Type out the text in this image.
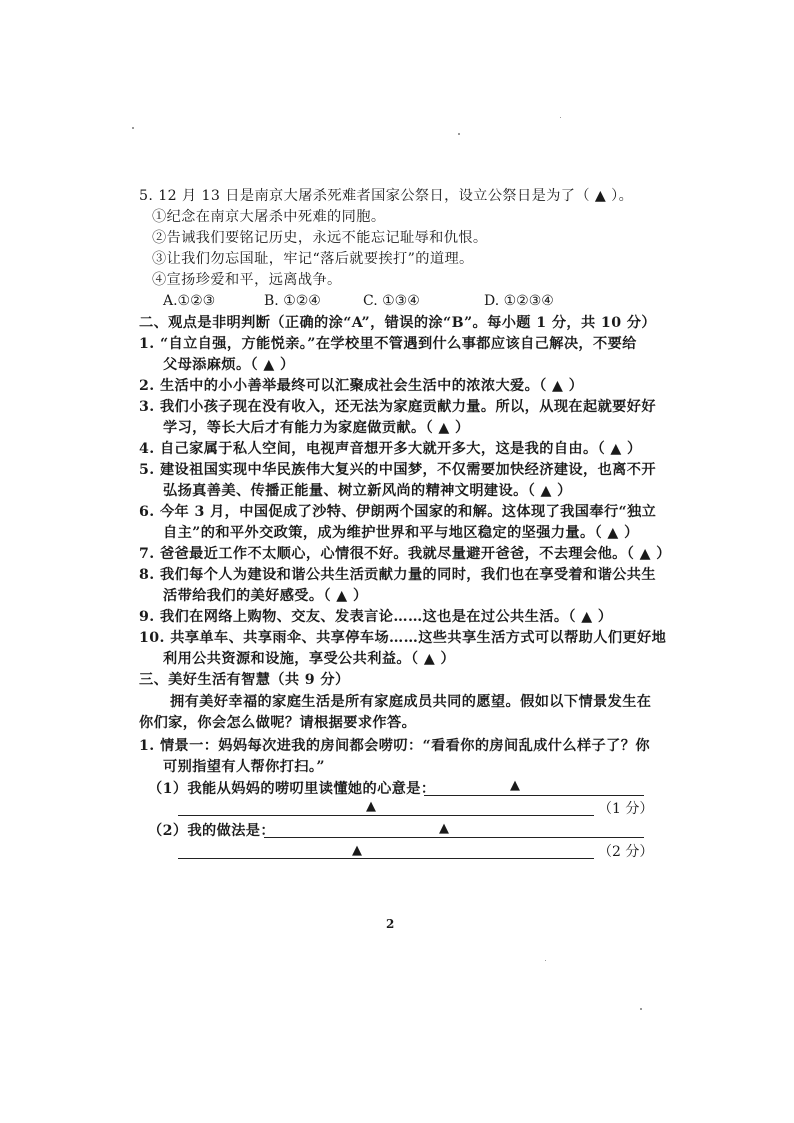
5. 12 月 13 日是南京大屠杀死难者国家公祭日，设立公祭日是为了（ ▲ ）。
①纪念在南京大屠杀中死难的同胞。
②告诫我们要铭记历史，永远不能忘记耻辱和仇恨。
③让我们勿忘国耻，牢记“落后就要挨打”的道理。
④宣扬珍爱和平，远离战争。
A.①②③	B. ①②④	C. ①③④	D. ①②③④
二、观点是非明判断（正确的涂“A”，错误的涂“B”。每小题 1 分，共 10 分）
1. “自立自强，方能悦亲。”在学校里不管遇到什么事都应该自己解决，不要给
父母添麻烦。（ ▲ ）
2. 生活中的小小善举最终可以汇聚成社会生活中的浓浓大爱。（ ▲ ）
3. 我们小孩子现在没有收入，还无法为家庭贡献力量。所以，从现在起就要好好
学习，等长大后才有能力为家庭做贡献。（ ▲ ）
4. 自己家属于私人空间，电视声音想开多大就开多大，这是我的自由。（ ▲ ）
5. 建设祖国实现中华民族伟大复兴的中国梦，不仅需要加快经济建设，也离不开
弘扬真善美、传播正能量、树立新风尚的精神文明建设。（ ▲ ）
6. 今年 3 月，中国促成了沙特、伊朗两个国家的和解。这体现了我国奉行“独立
自主”的和平外交政策，成为维护世界和平与地区稳定的坚强力量。（ ▲ ）
7. 爸爸最近工作不太顺心，心情很不好。我就尽量避开爸爸，不去理会他。（ ▲ ）
8. 我们每个人为建设和谐公共生活贡献力量的同时，我们也在享受着和谐公共生
活带给我们的美好感受。（ ▲ ）
9. 我们在网络上购物、交友、发表言论……这也是在过公共生活。（ ▲ ）
10. 共享单车、共享雨伞、共享停车场……这些共享生活方式可以帮助人们更好地
利用公共资源和设施，享受公共利益。（ ▲ ）
三、美好生活有智慧（共 9 分）
拥有美好幸福的家庭生活是所有家庭成员共同的愿望。假如以下情景发生在
你们家，你会怎么做呢？请根据要求作答。
1. 情景一：妈妈每次进我的房间都会唠叨：“看看你的房间乱成什么样子了？你
可别指望有人帮你打扫。”
（1）我能从妈妈的唠叨里读懂她的心意是：	▲
▲	（1 分）
（2）我的做法是：	▲
▲	（2 分）
2
